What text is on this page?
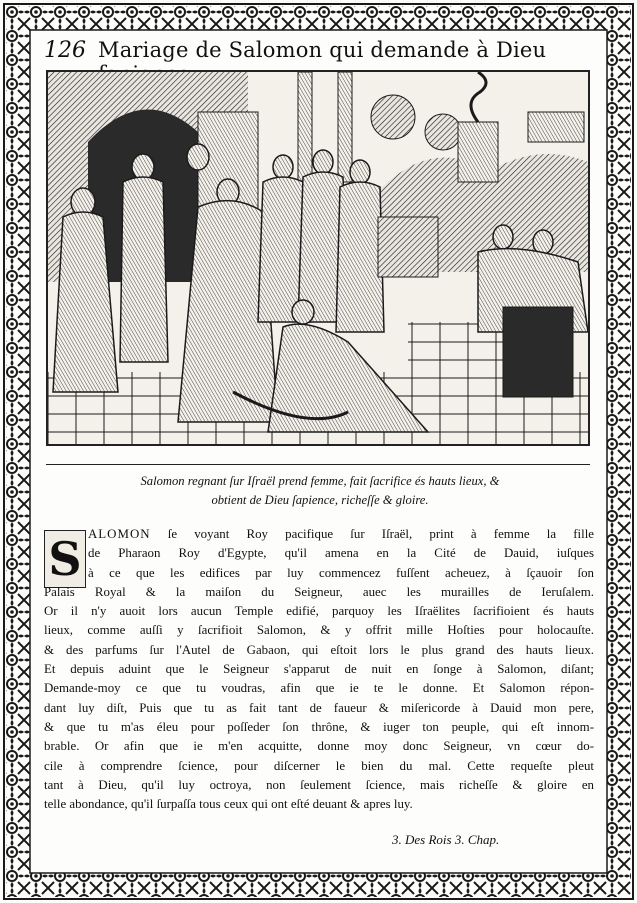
126 Mariage de Salomon qui demande à Dieu
Salomon regnant ſur Iſraël prend femme, fait ſacrifice és hauts lieux, &
obtient de Dieu ſapience, richeſſe & gloire.
S ALOMON ſe voyant Roy pacifique ſur Iſraël, print à femme la fille
de Pharaon Roy d'Egypte, qu'il amena en la Cité de Dauid, iuſques
à ce que les edifices par luy commencez fuſſent acheuez, à ſçauoir ſon
Palais Royal & la maiſon du Seigneur, auec les murailles de Ieruſalem.
Or il n'y auoit lors aucun Temple edifié, parquoy les Iſraëlites ſacrifioient és hauts
lieux, comme auſſi y ſacrifioit Salomon, & y offrit mille Hoſties pour holocauſte.
& des parfums ſur l'Autel de Gabaon, qui eſtoit lors le plus grand des hauts lieux.
Et depuis aduint que le Seigneur s'apparut de nuit en ſonge à Salomon, diſant;
Demande-moy ce que tu voudras, afin que ie te le donne. Et Salomon répon-
dant luy diſt, Puis que tu as fait tant de faueur & miſericorde à Dauid mon pere,
& que tu m'as éleu pour poſſeder ſon thrône, & iuger ton peuple, qui eſt innom-
brable. Or afin que ie m'en acquitte, donne moy donc Seigneur, vn cœur do-
cile à comprendre ſcience, pour diſcerner le bien du mal. Cette requeſte pleut
tant à Dieu, qu'il luy octroya, non ſeulement ſcience, mais richeſſe & gloire en
telle abondance, qu'il ſurpaſſa tous ceux qui ont eſté deuant & apres luy.
3. Des Rois 3. Chap.
